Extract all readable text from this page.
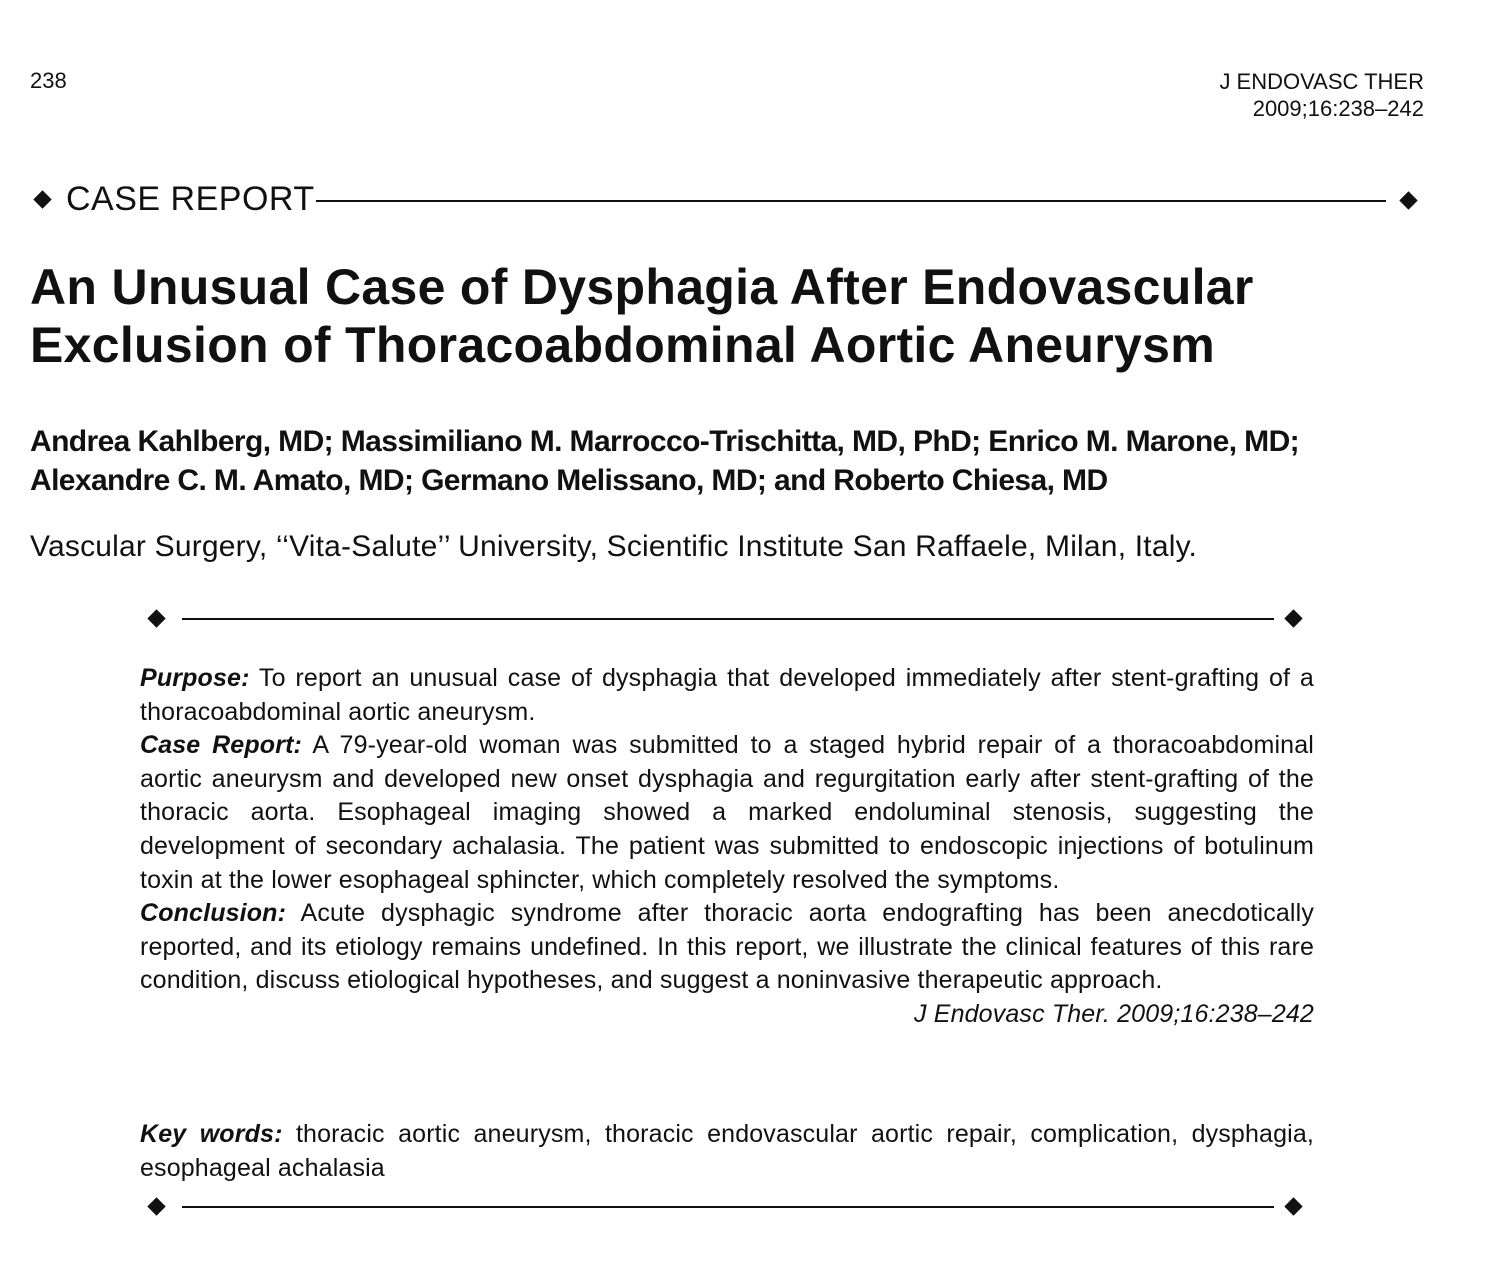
238	J ENDOVASC THER
2009;16:238–242
CASE REPORT
An Unusual Case of Dysphagia After Endovascular
Exclusion of Thoracoabdominal Aortic Aneurysm

Andrea Kahlberg, MD; Massimiliano M. Marrocco-Trischitta, MD, PhD; Enrico M. Marone, MD;
Alexandre C. M. Amato, MD; Germano Melissano, MD; and Roberto Chiesa, MD

Vascular Surgery, ‘‘Vita-Salute’’ University, Scientific Institute San Raffaele, Milan, Italy.

Purpose: To report an unusual case of dysphagia that developed immediately after stent-grafting of a thoracoabdominal aortic aneurysm.

Case Report: A 79-year-old woman was submitted to a staged hybrid repair of a thoracoabdominal aortic aneurysm and developed new onset dysphagia and regurgitation early after stent-grafting of the thoracic aorta. Esophageal imaging showed a marked endoluminal stenosis, suggesting the development of secondary achalasia. The patient was submitted to endoscopic injections of botulinum toxin at the lower esophageal sphincter, which completely resolved the symptoms.

Conclusion: Acute dysphagic syndrome after thoracic aorta endografting has been anecdotically reported, and its etiology remains undefined. In this report, we illustrate the clinical features of this rare condition, discuss etiological hypotheses, and suggest a noninvasive therapeutic approach.

J Endovasc Ther. 2009;16:238–242

Key words: thoracic aortic aneurysm, thoracic endovascular aortic repair, complication, dysphagia, esophageal achalasia
